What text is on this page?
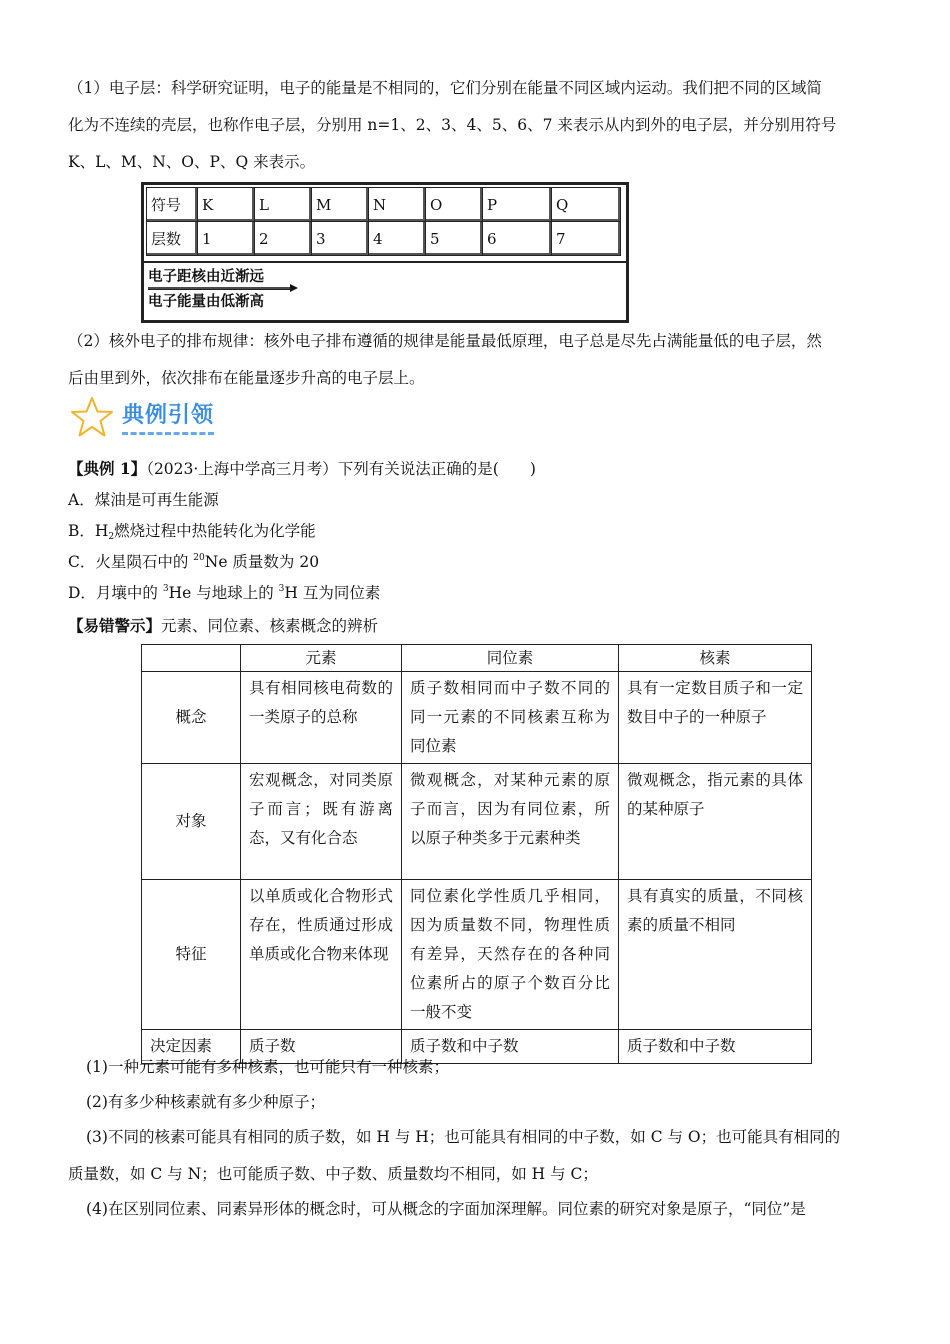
（1）电子层：科学研究证明，电子的能量是不相同的，它们分别在能量不同区域内运动。我们把不同的区域简
化为不连续的壳层，也称作电子层，分别用 n=1、2、3、4、5、6、7 来表示从内到外的电子层，并分别用符号
K、L、M、N、O、P、Q 来表示。
符号	K	L	M	N	O	P	Q
层数	1	2	3	4	5	6	7
电子距核由近渐远
电子能量由低渐高
（2）核外电子的排布规律：核外电子排布遵循的规律是能量最低原理，电子总是尽先占满能量低的电子层，然
后由里到外，依次排布在能量逐步升高的电子层上。
典例引领
【典例 1】（2023·上海中学高三月考）下列有关说法正确的是(　　)
A．煤油是可再生能源
B．$H_2$燃烧过程中热能转化为化学能
C．火星陨石中的 $^{20}$Ne 质量数为 20
D．月壤中的 $^3$He 与地球上的 $^3$H 互为同位素
【易错警示】元素、同位素、核素概念的辨析
	元素	同位素	核素
概念	具有相同核电荷数的一类原子的总称	质子数相同而中子数不同的同一元素的不同核素互称为同位素	具有一定数目质子和一定数目中子的一种原子
对象	宏观概念，对同类原子而言；既有游离态，又有化合态	微观概念，对某种元素的原子而言，因为有同位素，所以原子种类多于元素种类	微观概念，指元素的具体的某种原子
特征	以单质或化合物形式存在，性质通过形成单质或化合物来体现	同位素化学性质几乎相同，因为质量数不同，物理性质有差异，天然存在的各种同位素所占的原子个数百分比一般不变	具有真实的质量，不同核素的质量不相同
决定因素	质子数	质子数和中子数	质子数和中子数
(1)一种元素可能有多种核素，也可能只有一种核素；
(2)有多少种核素就有多少种原子；
(3)不同的核素可能具有相同的质子数，如 H 与 H；也可能具有相同的中子数，如 C 与 O；也可能具有相同的
质量数，如 C 与 N；也可能质子数、中子数、质量数均不相同，如 H 与 C；
(4)在区别同位素、同素异形体的概念时，可从概念的字面加深理解。同位素的研究对象是原子，“同位”是
